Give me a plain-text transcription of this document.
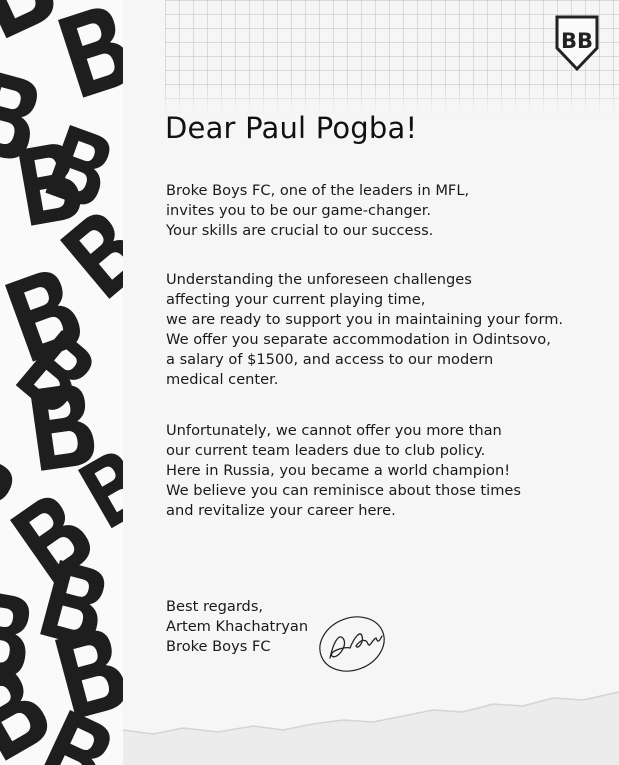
BB
Dear Paul Pogba!

Broke Boys FC, one of the leaders in MFL,
invites you to be our game-changer.
Your skills are crucial to our success.

Understanding the unforeseen challenges
affecting your current playing time,
we are ready to support you in maintaining your form.
We offer you separate accommodation in Odintsovo,
a salary of $1500, and access to our modern
medical center.

Unfortunately, we cannot offer you more than
our current team leaders due to club policy.
Here in Russia, you became a world champion!
We believe you can reminisce about those times
and revitalize your career here.

Best regards,
Artem Khachatryan
Broke Boys FC
